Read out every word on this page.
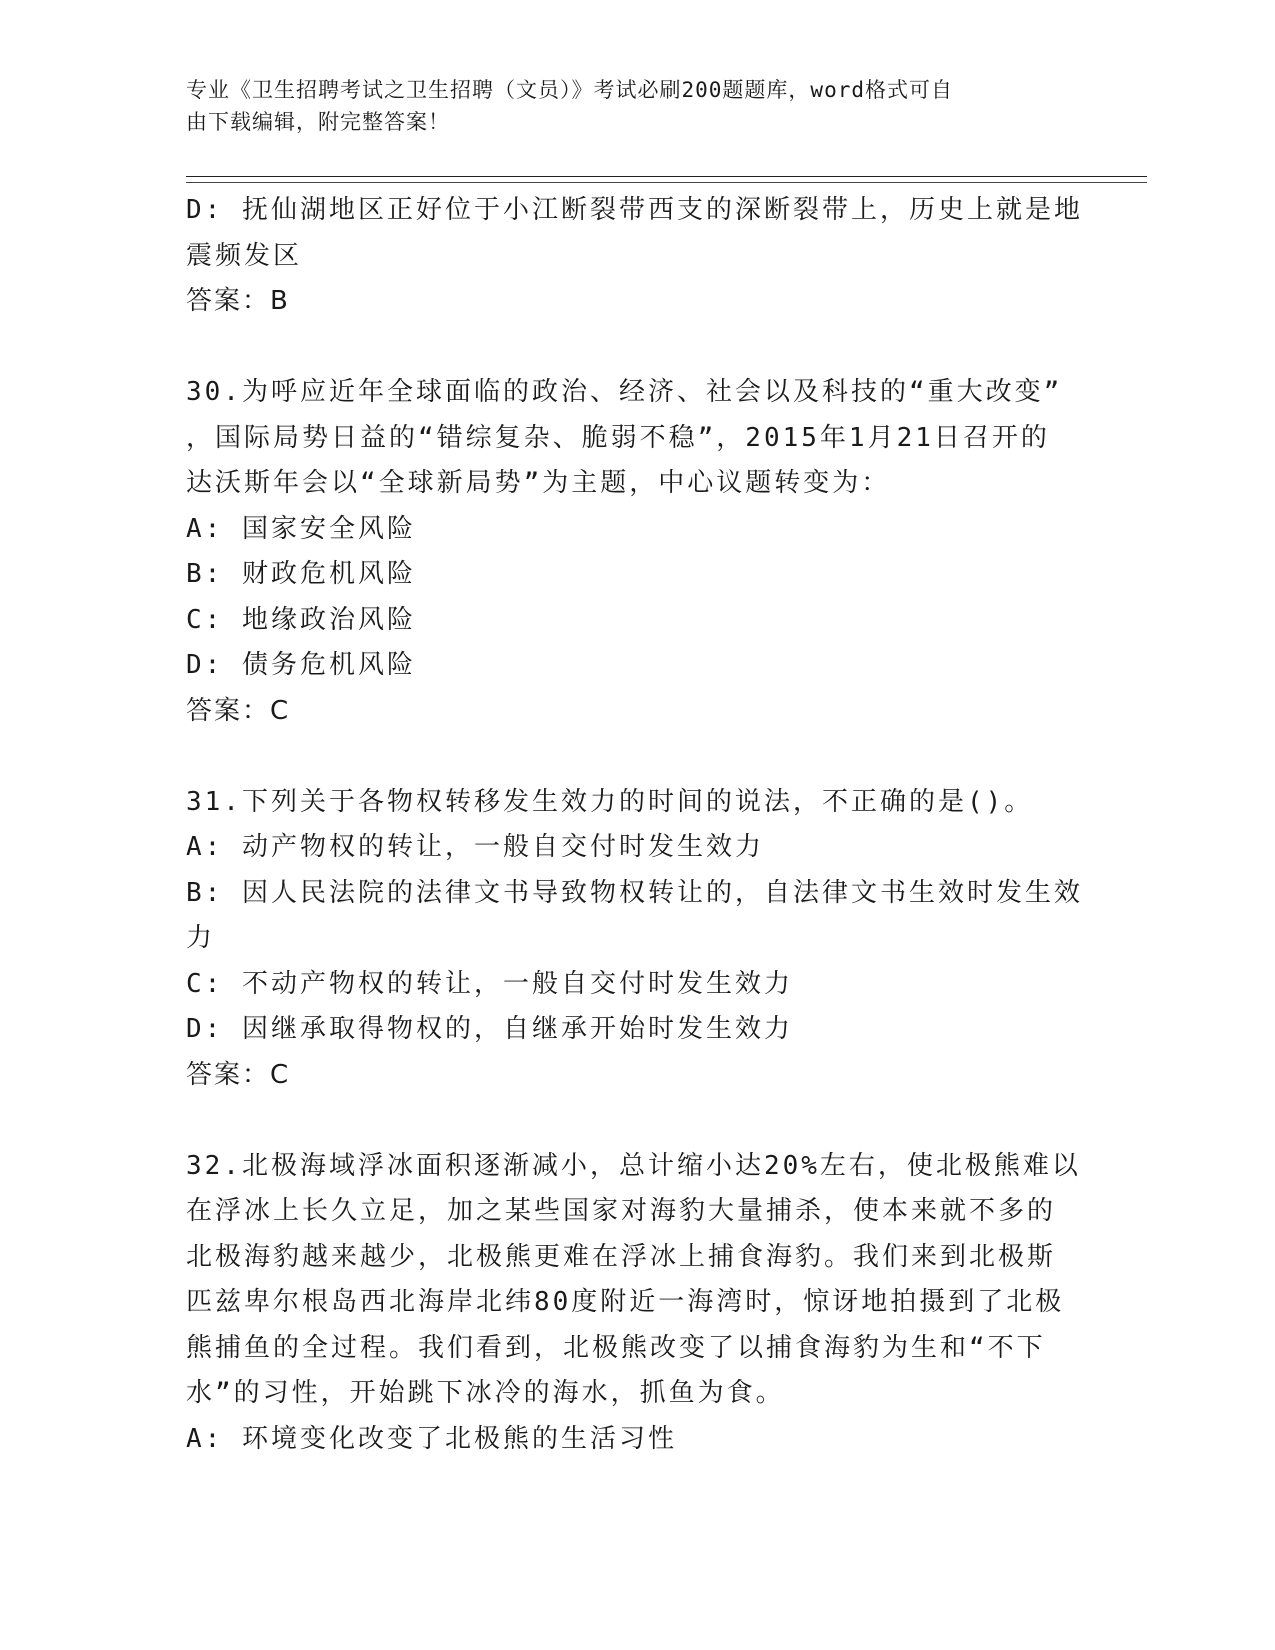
专业《卫生招聘考试之卫生招聘（文员）》考试必刷200题题库，word格式可自
由下载编辑，附完整答案！
D: 抚仙湖地区正好位于小江断裂带西支的深断裂带上，历史上就是地
震频发区
答案：B
30.为呼应近年全球面临的政治、经济、社会以及科技的“重大改变”
，国际局势日益的“错综复杂、脆弱不稳”，2015年1月21日召开的
达沃斯年会以“全球新局势”为主题，中心议题转变为：
A: 国家安全风险
B: 财政危机风险
C: 地缘政治风险
D: 债务危机风险
答案：C
31.下列关于各物权转移发生效力的时间的说法，不正确的是()。
A: 动产物权的转让，一般自交付时发生效力
B: 因人民法院的法律文书导致物权转让的，自法律文书生效时发生效
力
C: 不动产物权的转让，一般自交付时发生效力
D: 因继承取得物权的，自继承开始时发生效力
答案：C
32.北极海域浮冰面积逐渐减小，总计缩小达20%左右，使北极熊难以
在浮冰上长久立足，加之某些国家对海豹大量捕杀，使本来就不多的
北极海豹越来越少，北极熊更难在浮冰上捕食海豹。我们来到北极斯
匹兹卑尔根岛西北海岸北纬80度附近一海湾时，惊讶地拍摄到了北极
熊捕鱼的全过程。我们看到，北极熊改变了以捕食海豹为生和“不下
水”的习性，开始跳下冰冷的海水，抓鱼为食。
A: 环境变化改变了北极熊的生活习性
